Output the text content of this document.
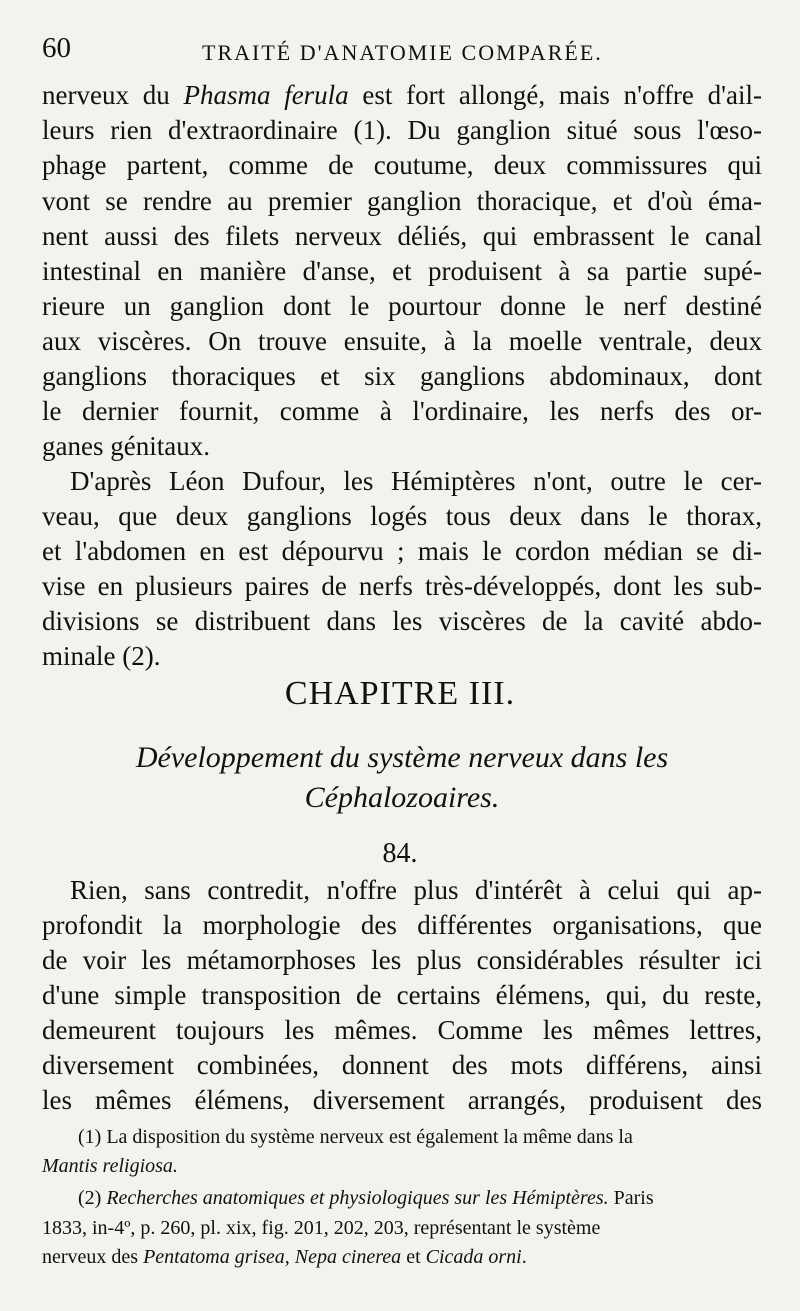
60	TRAITÉ D'ANATOMIE COMPARÉE.
nerveux du Phasma ferula est fort allongé, mais n'offre d'ail-
leurs rien d'extraordinaire (1). Du ganglion situé sous l'œso-
phage partent, comme de coutume, deux commissures qui
vont se rendre au premier ganglion thoracique, et d'où éma-
nent aussi des filets nerveux déliés, qui embrassent le canal
intestinal en manière d'anse, et produisent à sa partie supé-
rieure un ganglion dont le pourtour donne le nerf destiné
aux viscères. On trouve ensuite, à la moelle ventrale, deux
ganglions thoraciques et six ganglions abdominaux, dont
le dernier fournit, comme à l'ordinaire, les nerfs des or-
ganes génitaux.
D'après Léon Dufour, les Hémiptères n'ont, outre le cer-
veau, que deux ganglions logés tous deux dans le thorax,
et l'abdomen en est dépourvu ; mais le cordon médian se di-
vise en plusieurs paires de nerfs très-développés, dont les sub-
divisions se distribuent dans les viscères de la cavité abdo-
minale (2).
CHAPITRE III.
Développement du système nerveux dans les
Céphalozoaires.
84.
Rien, sans contredit, n'offre plus d'intérêt à celui qui ap-
profondit la morphologie des différentes organisations, que
de voir les métamorphoses les plus considérables résulter ici
d'une simple transposition de certains élémens, qui, du reste,
demeurent toujours les mêmes. Comme les mêmes lettres,
diversement combinées, donnent des mots différens, ainsi
les mêmes élémens, diversement arrangés, produisent des
(1) La disposition du système nerveux est également la même dans la
Mantis religiosa.
(2) Recherches anatomiques et physiologiques sur les Hémiptères. Paris
1833, in-4º, p. 260, pl. xix, fig. 201, 202, 203, représentant le système
nerveux des Pentatoma grisea, Nepa cinerea et Cicada orni.
